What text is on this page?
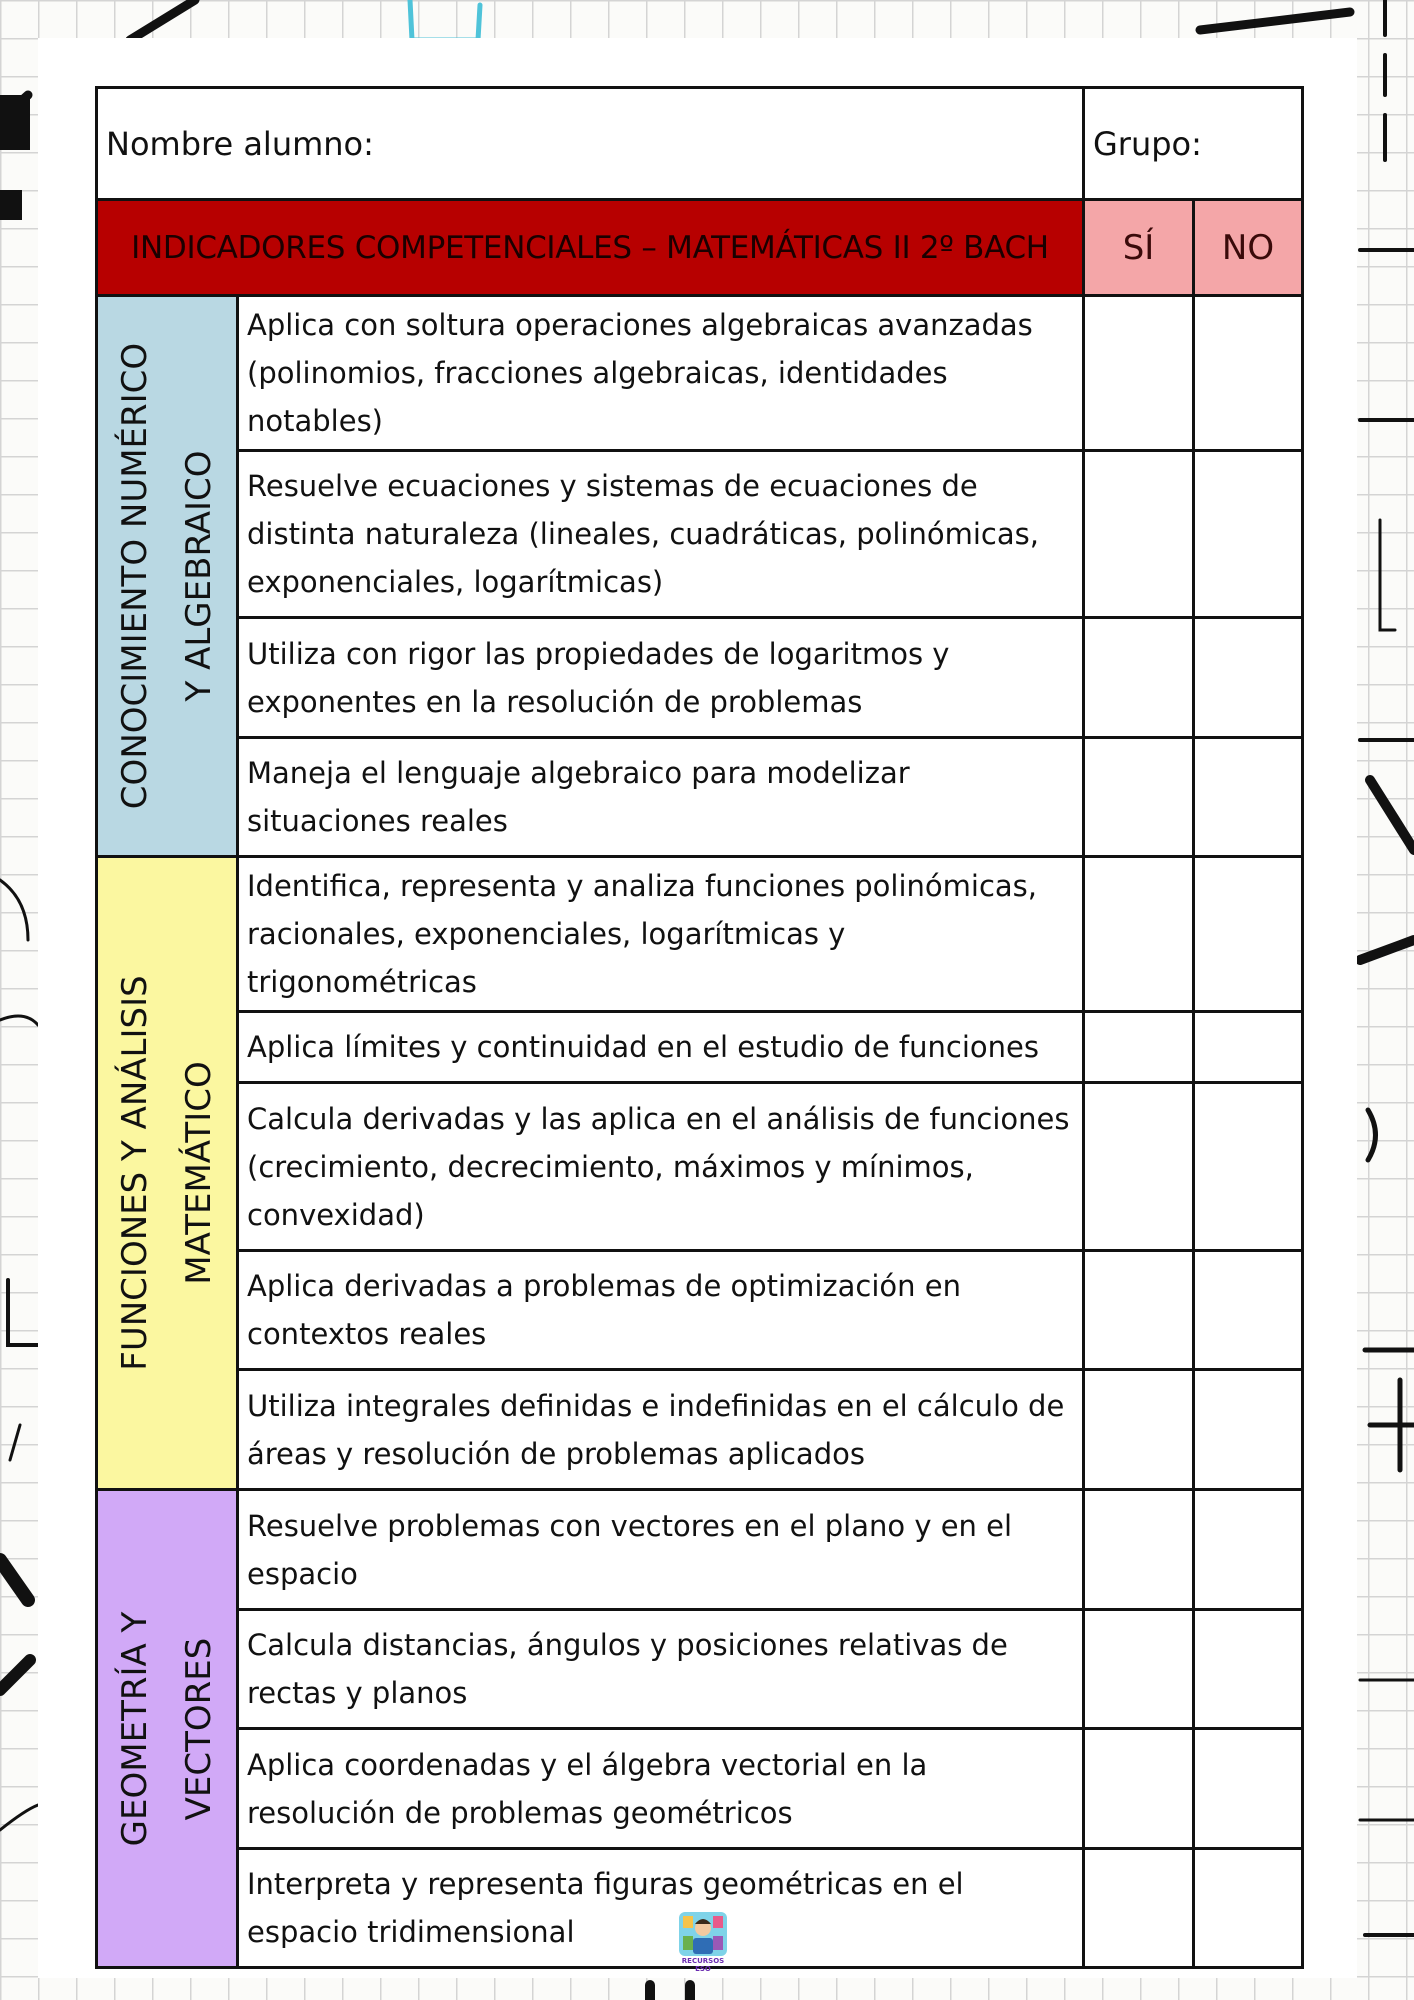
Nombre alumno:		Grupo:	
INDICADORES COMPETENCIALES – MATEMÁTICAS II 2º BACH		SÍ	NO

CONOCIMIENTO NUMÉRICO Y ALGEBRAICO	Aplica con soltura operaciones algebraicas avanzadas (polinomios, fracciones algebraicas, identidades notables)		
	Resuelve ecuaciones y sistemas de ecuaciones de distinta naturaleza (lineales, cuadráticas, polinómicas, exponenciales, logarítmicas)		
	Utiliza con rigor las propiedades de logaritmos y exponentes en la resolución de problemas		
	Maneja el lenguaje algebraico para modelizar situaciones reales		

FUNCIONES Y ANÁLISIS MATEMÁTICO	Identifica, representa y analiza funciones polinómicas, racionales, exponenciales, logarítmicas y trigonométricas		
	Aplica límites y continuidad en el estudio de funciones		
	Calcula derivadas y las aplica en el análisis de funciones (crecimiento, decrecimiento, máximos y mínimos, convexidad)		
	Aplica derivadas a problemas de optimización en contextos reales		
	Utiliza integrales definidas e indefinidas en el cálculo de áreas y resolución de problemas aplicados		

GEOMETRÍA Y VECTORES	Resuelve problemas con vectores en el plano y en el espacio		
	Calcula distancias, ángulos y posiciones relativas de rectas y planos		
	Aplica coordenadas y el álgebra vectorial en la resolución de problemas geométricos		
	Interpreta y representa figuras geométricas en el espacio tridimensional		
RECURSOS
ESO
